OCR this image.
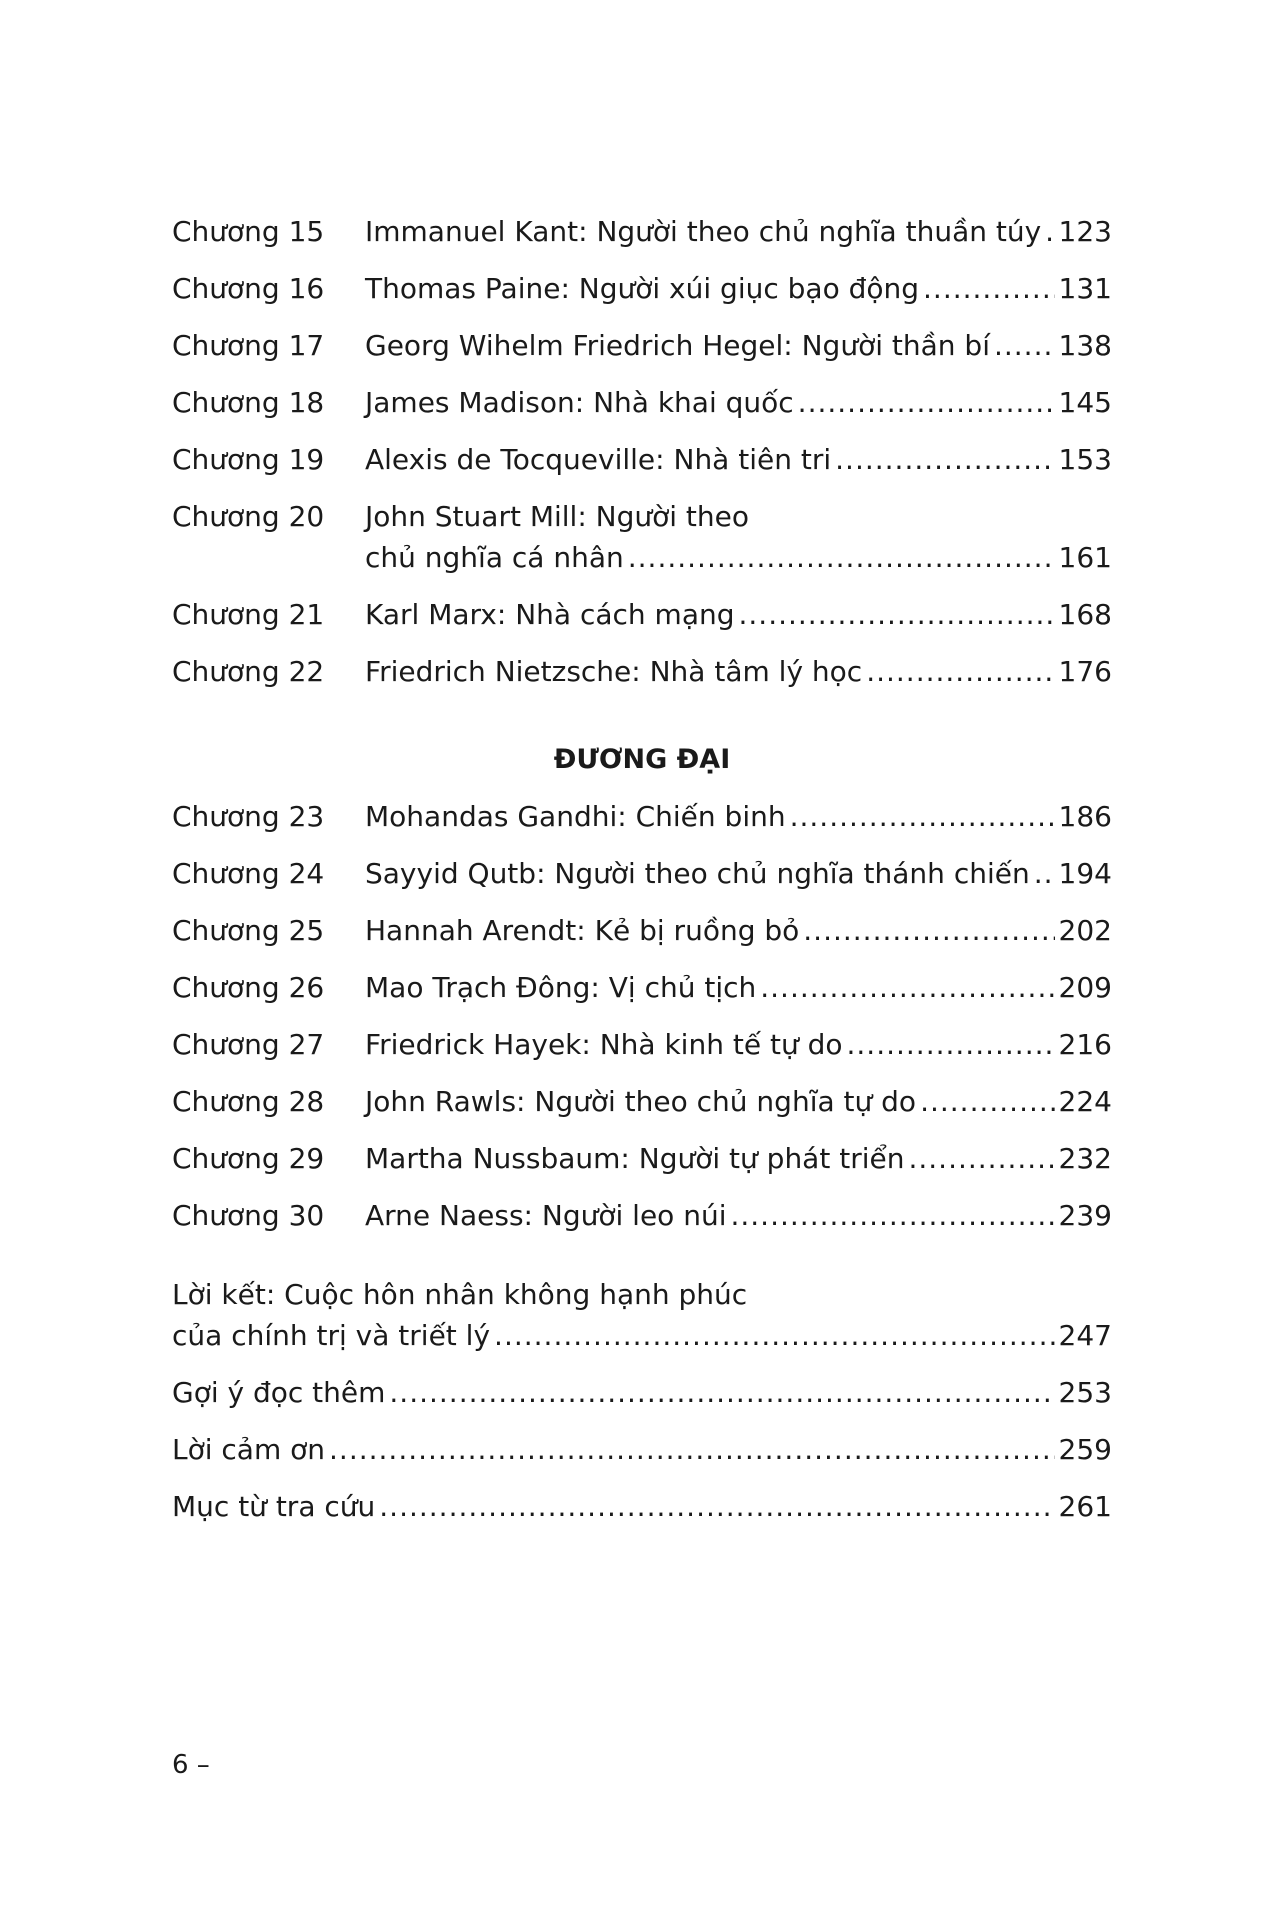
Chương 15 Immanuel Kant: Người theo chủ nghĩa thuần túy ..... 123
Chương 16 Thomas Paine: Người xúi giục bạo động .....	131
Chương 17 Georg Wihelm Friedrich Hegel: Người thần bí ..... 138
Chương 18 James Madison: Nhà khai quốc .....	145
Chương 19 Alexis de Tocqueville: Nhà tiên tri .....	153
Chương 20 John Stuart Mill: Người theo
chủ nghĩa cá nhân .....	161
Chương 21 Karl Marx: Nhà cách mạng .....	168
Chương 22 Friedrich Nietzsche: Nhà tâm lý học .....	176
ĐƯƠNG ĐẠI
Chương 23 Mohandas Gandhi: Chiến binh .....	186
Chương 24 Sayyid Qutb: Người theo chủ nghĩa thánh chiến ..... 194
Chương 25 Hannah Arendt: Kẻ bị ruồng bỏ .....	202
Chương 26 Mao Trạch Đông: Vị chủ tịch .....	209
Chương 27 Friedrick Hayek: Nhà kinh tế tự do .....	216
Chương 28 John Rawls: Người theo chủ nghĩa tự do .....	224
Chương 29 Martha Nussbaum: Người tự phát triển .....	232
Chương 30 Arne Naess: Người leo núi .....	239
Lời kết: Cuộc hôn nhân không hạnh phúc
của chính trị và triết lý .....	247
Gợi ý đọc thêm .....	253
Lời cảm ơn .....	259
Mục từ tra cứu .....	261
6 –
